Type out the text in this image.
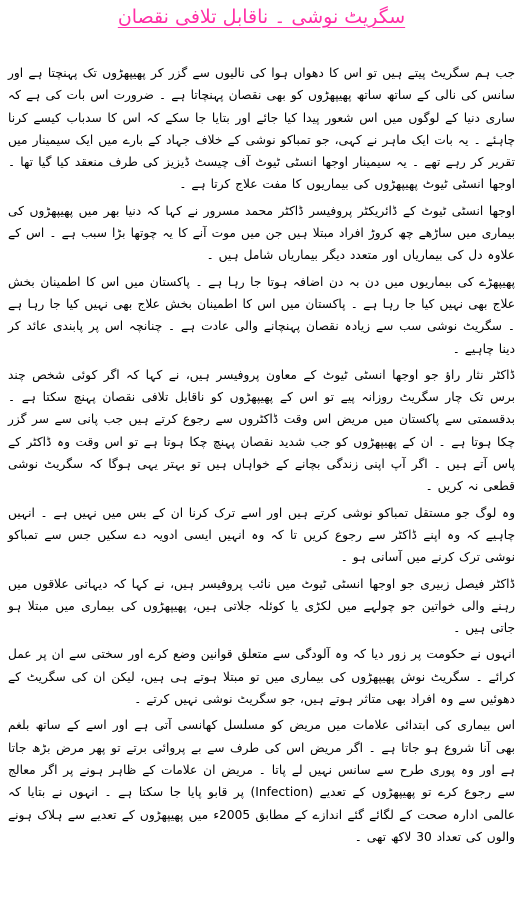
سگریٹ نوشی ۔ ناقابل تلافی نقصان

جب ہم سگریٹ پیتے ہیں تو اس کا دھواں ہوا کی نالیوں سے گزر کر پھیپھڑوں تک پہنچتا ہے اور سانس کی نالی کے ساتھ ساتھ پھیپھڑوں کو بھی نقصان پہنچاتا ہے ۔ ضرورت اس بات کی ہے کہ ساری دنیا کے لوگوں میں اس شعور پیدا کیا جائے اور بتایا جا سکے کہ اس کا سدباب کیسے کرنا چاہئے ۔ یہ بات ایک ماہر نے کہی، جو تمباکو نوشی کے خلاف جہاد کے بارے میں ایک سیمینار میں تقریر کر رہے تھے ۔ یہ سیمینار اوجھا انسٹی ٹیوٹ آف چیسٹ ڈیزیز کی طرف منعقد کیا گیا تھا ۔ اوجھا انسٹی ٹیوٹ پھیپھڑوں کی بیماریوں کا مفت علاج کرتا ہے ۔

اوجھا انسٹی ٹیوٹ کے ڈائریکٹر پروفیسر ڈاکٹر محمد مسرور نے کہا کہ دنیا بھر میں پھیپھڑوں کی بیماری میں ساڑھے چھ کروڑ افراد مبتلا ہیں جن میں موت آنے کا یہ چوتھا بڑا سبب ہے ۔ اس کے علاوہ دل کی بیماریاں اور متعدد دیگر بیماریاں شامل ہیں ۔

پھیپھڑے کی بیماریوں میں دن بہ دن اضافہ ہوتا جا رہا ہے ۔ پاکستان میں اس کا اطمینان بخش علاج بھی نہیں کیا جا رہا ہے ۔ پاکستان میں اس کا اطمینان بخش علاج بھی نہیں کیا جا رہا ہے ۔ سگریٹ نوشی سب سے زیادہ نقصان پہنچانے والی عادت ہے ۔ چنانچہ اس پر پابندی عائد کر دینا چاہیے ۔

ڈاکٹر نثار راؤ جو اوجھا انسٹی ٹیوٹ کے معاون پروفیسر ہیں، نے کہا کہ اگر کوئی شخص چند برس تک چار سگریٹ روزانہ پیے تو اس کے پھیپھڑوں کو ناقابل تلافی نقصان پہنچ سکتا ہے ۔ بدقسمتی سے پاکستان میں مریض اس وقت ڈاکٹروں سے رجوع کرتے ہیں جب پانی سے سر گزر چکا ہوتا ہے ۔ ان کے پھیپھڑوں کو جب شدید نقصان پہنچ چکا ہوتا ہے تو اس وقت وہ ڈاکٹر کے پاس آتے ہیں ۔ اگر آپ اپنی زندگی بچانے کے خواہاں ہیں تو بہتر یہی ہوگا کہ سگریٹ نوشی قطعی نہ کریں ۔

وہ لوگ جو مستقل تمباکو نوشی کرتے ہیں اور اسے ترک کرنا ان کے بس میں نہیں ہے ۔ انہیں چاہیے کہ وہ اپنے ڈاکٹر سے رجوع کریں تا کہ وہ انہیں ایسی ادویہ دے سکیں جس سے تمباکو نوشی ترک کرنے میں آسانی ہو ۔

ڈاکٹر فیصل زبیری جو اوجھا انسٹی ٹیوٹ میں نائب پروفیسر ہیں، نے کہا کہ دیہاتی علاقوں میں رہنے والی خواتین جو چولہے میں لکڑی یا کوئلہ جلاتی ہیں، پھیپھڑوں کی بیماری میں مبتلا ہو جاتی ہیں ۔

انہوں نے حکومت پر زور دیا کہ وہ آلودگی سے متعلق قوانین وضع کرے اور سختی سے ان پر عمل کرائے ۔ سگریٹ نوش پھیپھڑوں کی بیماری میں تو مبتلا ہوتے ہی ہیں، لیکن ان کی سگریٹ کے دھوئیں سے وہ افراد بھی متاثر ہوتے ہیں، جو سگریٹ نوشی نہیں کرتے ۔

اس بیماری کی ابتدائی علامات میں مریض کو مسلسل کھانسی آتی ہے اور اسے کے ساتھ بلغم بھی آنا شروع ہو جاتا ہے ۔ اگر مریض اس کی طرف سے بے پروائی برتے تو پھر مرض بڑھ جاتا ہے اور وہ پوری طرح سے سانس نہیں لے پاتا ۔ مریض ان علامات کے ظاہر ہونے پر اگر معالج سے رجوع کرے تو پھیپھڑوں کے تعدیے (Infection) پر قابو پایا جا سکتا ہے ۔ انہوں نے بتایا کہ عالمی ادارہ صحت کے لگائے گئے اندازے کے مطابق 2005ء میں پھیپھڑوں کے تعدیے سے ہلاک ہونے والوں کی تعداد 30 لاکھ تھی ۔
